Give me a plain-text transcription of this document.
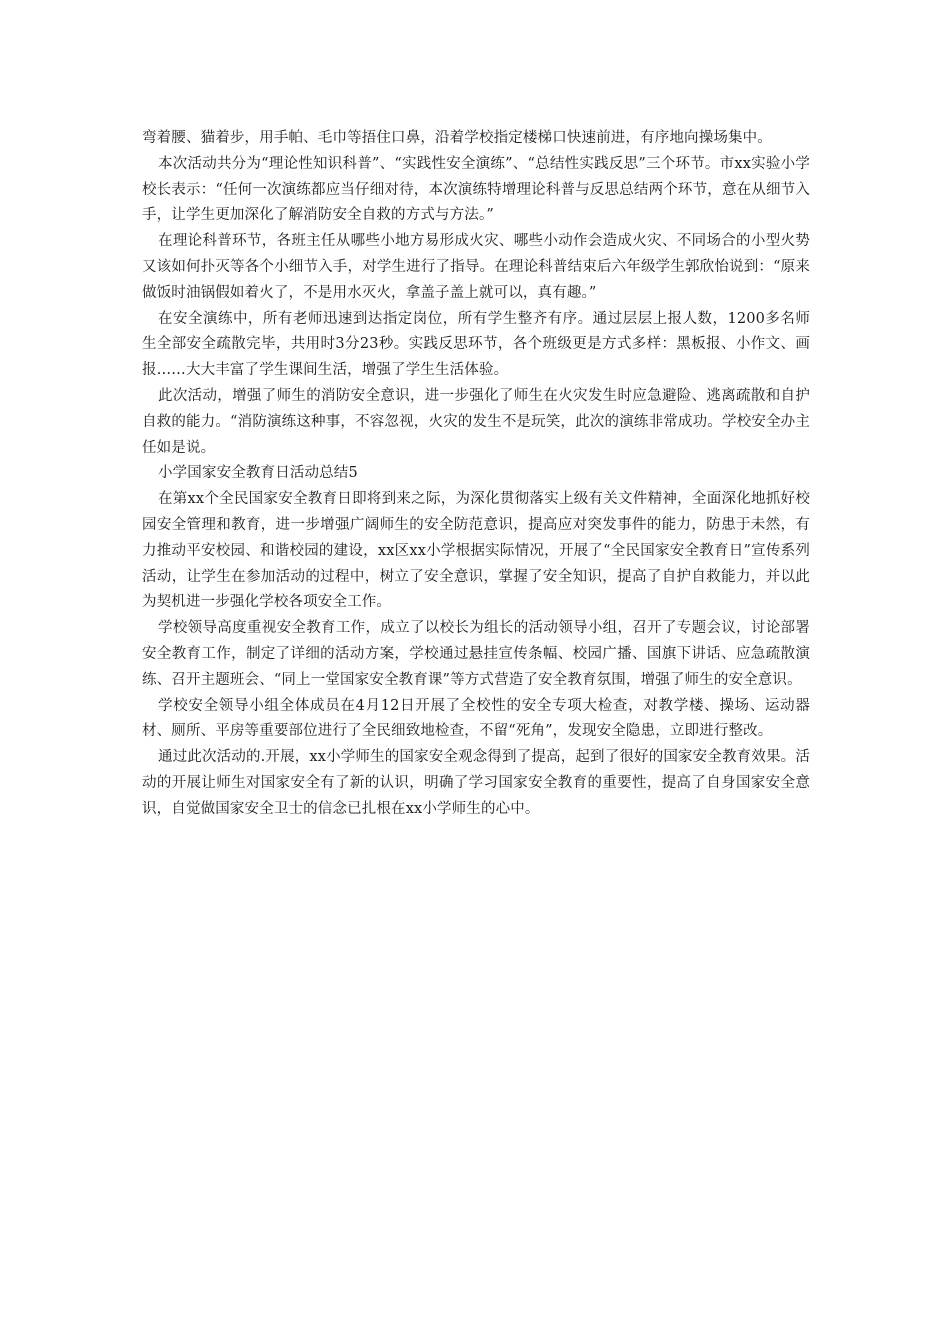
弯着腰、猫着步，用手帕、毛巾等捂住口鼻，沿着学校指定楼梯口快速前进，有序地向操场集中。

本次活动共分为“理论性知识科普”、“实践性安全演练”、“总结性实践反思”三个环节。市xx实验小学校长表示：“任何一次演练都应当仔细对待，本次演练特增理论科普与反思总结两个环节，意在从细节入手，让学生更加深化了解消防安全自救的方式与方法。”

在理论科普环节，各班主任从哪些小地方易形成火灾、哪些小动作会造成火灾、不同场合的小型火势又该如何扑灭等各个小细节入手，对学生进行了指导。在理论科普结束后六年级学生郭欣怡说到：“原来做饭时油锅假如着火了，不是用水灭火，拿盖子盖上就可以，真有趣。”

在安全演练中，所有老师迅速到达指定岗位，所有学生整齐有序。通过层层上报人数，1200多名师生全部安全疏散完毕，共用时3分23秒。实践反思环节，各个班级更是方式多样：黑板报、小作文、画报……大大丰富了学生课间生活，增强了学生生活体验。

此次活动，增强了师生的消防安全意识，进一步强化了师生在火灾发生时应急避险、逃离疏散和自护自救的能力。“消防演练这种事，不容忽视，火灾的发生不是玩笑，此次的演练非常成功。学校安全办主任如是说。

小学国家安全教育日活动总结5

在第xx个全民国家安全教育日即将到来之际，为深化贯彻落实上级有关文件精神，全面深化地抓好校园安全管理和教育，进一步增强广阔师生的安全防范意识，提高应对突发事件的能力，防患于未然，有力推动平安校园、和谐校园的建设，xx区xx小学根据实际情况，开展了“全民国家安全教育日”宣传系列活动，让学生在参加活动的过程中，树立了安全意识，掌握了安全知识，提高了自护自救能力，并以此为契机进一步强化学校各项安全工作。

学校领导高度重视安全教育工作，成立了以校长为组长的活动领导小组，召开了专题会议，讨论部署安全教育工作，制定了详细的活动方案，学校通过悬挂宣传条幅、校园广播、国旗下讲话、应急疏散演练、召开主题班会、“同上一堂国家安全教育课”等方式营造了安全教育氛围，增强了师生的安全意识。

学校安全领导小组全体成员在4月12日开展了全校性的安全专项大检查，对教学楼、操场、运动器材、厕所、平房等重要部位进行了全民细致地检查，不留“死角”，发现安全隐患，立即进行整改。

通过此次活动的.开展，xx小学师生的国家安全观念得到了提高，起到了很好的国家安全教育效果。活动的开展让师生对国家安全有了新的认识，明确了学习国家安全教育的重要性，提高了自身国家安全意识，自觉做国家安全卫士的信念已扎根在xx小学师生的心中。
